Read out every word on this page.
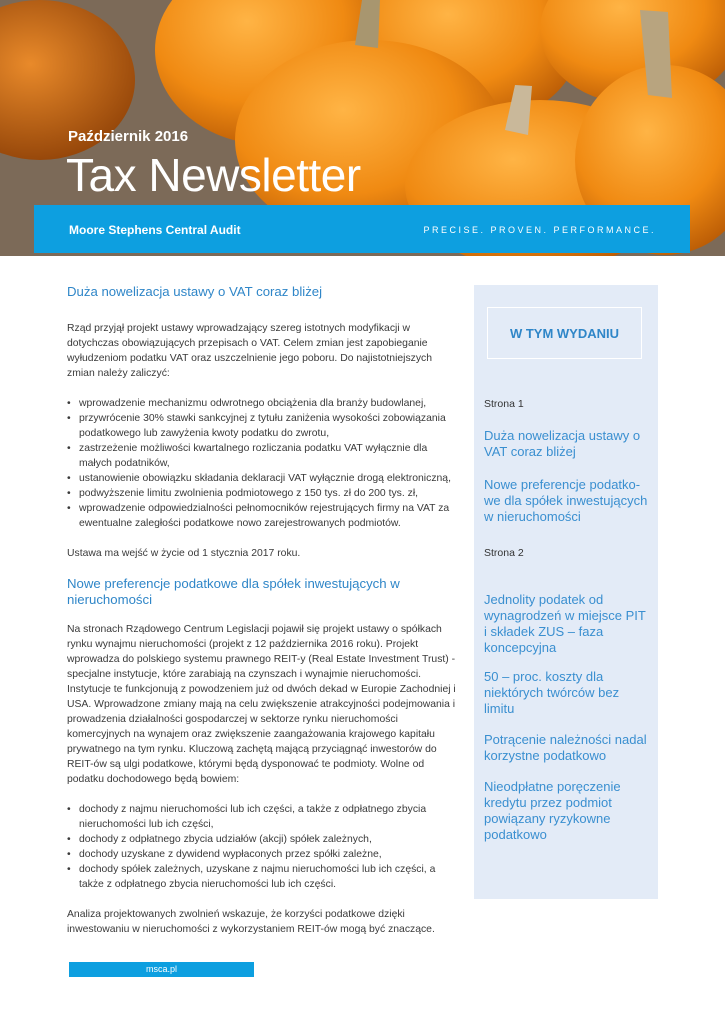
Październik 2016
Tax Newsletter
Moore Stephens Central Audit	PRECISE. PROVEN. PERFORMANCE.
Duża nowelizacja ustawy o VAT coraz bliżej

Rząd przyjął projekt ustawy wprowadzający szereg istotnych modyfikacji w dotychczas obowiązujących przepisach o VAT. Celem zmian jest zapobieganie wyłudzeniom podatku VAT oraz uszczelnienie jego poboru. Do najistotniejszych zmian należy zaliczyć:

• wprowadzenie mechanizmu odwrotnego obciążenia dla branży budowlanej,
• przywrócenie 30% stawki sankcyjnej z tytułu zaniżenia wysokości zobowiązania podatkowego lub zawyżenia kwoty podatku do zwrotu,
• zastrzeżenie możliwości kwartalnego rozliczania podatku VAT wyłącznie dla małych podatników,
• ustanowienie obowiązku składania deklaracji VAT wyłącznie drogą elektroniczną,
• podwyższenie limitu zwolnienia podmiotowego z 150 tys. zł do 200 tys. zł,
• wprowadzenie odpowiedzialności pełnomocników rejestrujących firmy na VAT za ewentualne zaległości podatkowe nowo zarejestrowanych podmiotów.

Ustawa ma wejść w życie od 1 stycznia 2017 roku.

Nowe preferencje podatkowe dla spółek inwestujących w nieruchomości

Na stronach Rządowego Centrum Legislacji pojawił się projekt ustawy o spółkach rynku wynajmu nieruchomości (projekt z 12 października 2016 roku). Projekt wprowadza do polskiego systemu prawnego REIT-y (Real Estate Investment Trust) - specjalne instytucje, które zarabiają na czynszach i wynajmie nieruchomości. Instytucje te funkcjonują z powodzeniem już od dwóch dekad w Europie Zachodniej i USA. Wprowadzone zmiany mają na celu zwiększenie atrakcyjności podejmowania i prowadzenia działalności gospodarczej w sektorze rynku nieruchomości komercyjnych na wynajem oraz zwiększenie zaangażowania krajowego kapitału prywatnego na tym rynku. Kluczową zachętą mającą przyciągnąć inwestorów do REIT-ów są ulgi podatkowe, którymi będą dysponować te podmioty. Wolne od podatku dochodowego będą bowiem:

• dochody z najmu nieruchomości lub ich części, a także z odpłatnego zbycia nieruchomości lub ich części,
• dochody z odpłatnego zbycia udziałów (akcji) spółek zależnych,
• dochody uzyskane z dywidend wypłaconych przez spółki zależne,
• dochody spółek zależnych, uzyskane z najmu nieruchomości lub ich części, a także z odpłatnego zbycia nieruchomości lub ich części.

Analiza projektowanych zwolnień wskazuje, że korzyści podatkowe dzięki inwestowaniu w nieruchomości z wykorzystaniem REIT-ów mogą być znaczące.

W TYM WYDANIU
Strona 1
Duża nowelizacja ustawy o VAT coraz bliżej
Nowe preferencje podatko-we dla spółek inwestujących w nieruchomości
Strona 2
Jednolity podatek od wynagrodzeń w miejsce PIT i składek ZUS – faza koncepcyjna
50 – proc. koszty dla niektórych twórców bez limitu
Potrącenie należności nadal korzystne podatkowo
Nieodpłatne poręczenie kredytu przez podmiot powiązany ryzykowne podatkowo
msca.pl
